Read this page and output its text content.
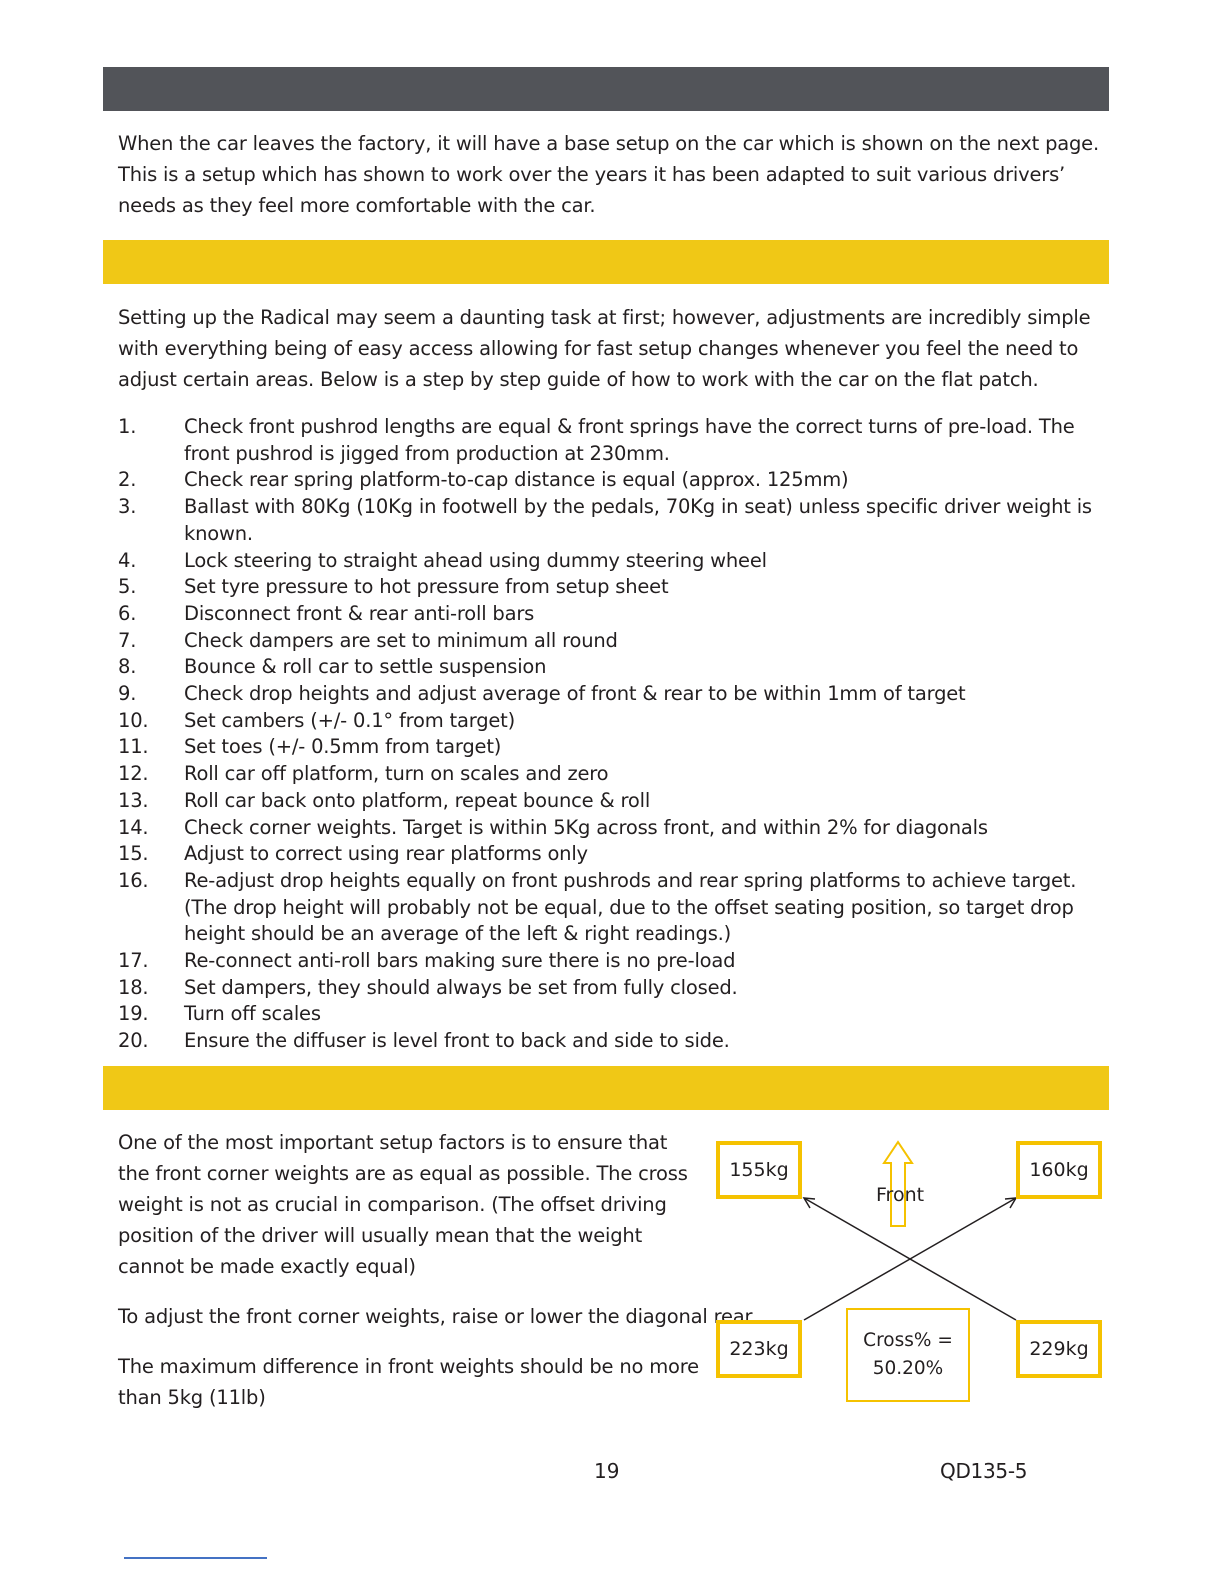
When the car leaves the factory, it will have a base setup on the car which is shown on the next page. This is a setup which has shown to work over the years it has been adapted to suit various drivers’ needs as they feel more comfortable with the car.

Setting up the Radical may seem a daunting task at first; however, adjustments are incredibly simple with everything being of easy access allowing for fast setup changes whenever you feel the need to adjust certain areas. Below is a step by step guide of how to work with the car on the flat patch.

1.	Check front pushrod lengths are equal & front springs have the correct turns of pre-load. The front pushrod is jigged from production at 230mm.
2.	Check rear spring platform-to-cap distance is equal (approx. 125mm)
3.	Ballast with 80Kg (10Kg in footwell by the pedals, 70Kg in seat) unless specific driver weight is known.
4.	Lock steering to straight ahead using dummy steering wheel
5.	Set tyre pressure to hot pressure from setup sheet
6.	Disconnect front & rear anti-roll bars
7.	Check dampers are set to minimum all round
8.	Bounce & roll car to settle suspension
9.	Check drop heights and adjust average of front & rear to be within 1mm of target
10.	Set cambers (+/- 0.1° from target)
11.	Set toes (+/- 0.5mm from target)
12.	Roll car off platform, turn on scales and zero
13.	Roll car back onto platform, repeat bounce & roll
14.	Check corner weights. Target is within 5Kg across front, and within 2% for diagonals
15.	Adjust to correct using rear platforms only
16.	Re-adjust drop heights equally on front pushrods and rear spring platforms to achieve target. (The drop height will probably not be equal, due to the offset seating position, so target drop height should be an average of the left & right readings.)
17.	Re-connect anti-roll bars making sure there is no pre-load
18.	Set dampers, they should always be set from fully closed.
19.	Turn off scales
20.	Ensure the diffuser is level front to back and side to side.

One of the most important setup factors is to ensure that the front corner weights are as equal as possible. The cross weight is not as crucial in comparison. (The offset driving position of the driver will usually mean that the weight cannot be made exactly equal)

To adjust the front corner weights, raise or lower the diagonal rear.

The maximum difference in front weights should be no more than 5kg (11lb)

Front
155kg	160kg
223kg	229kg
Cross% =
50.20%
19	QD135-5
